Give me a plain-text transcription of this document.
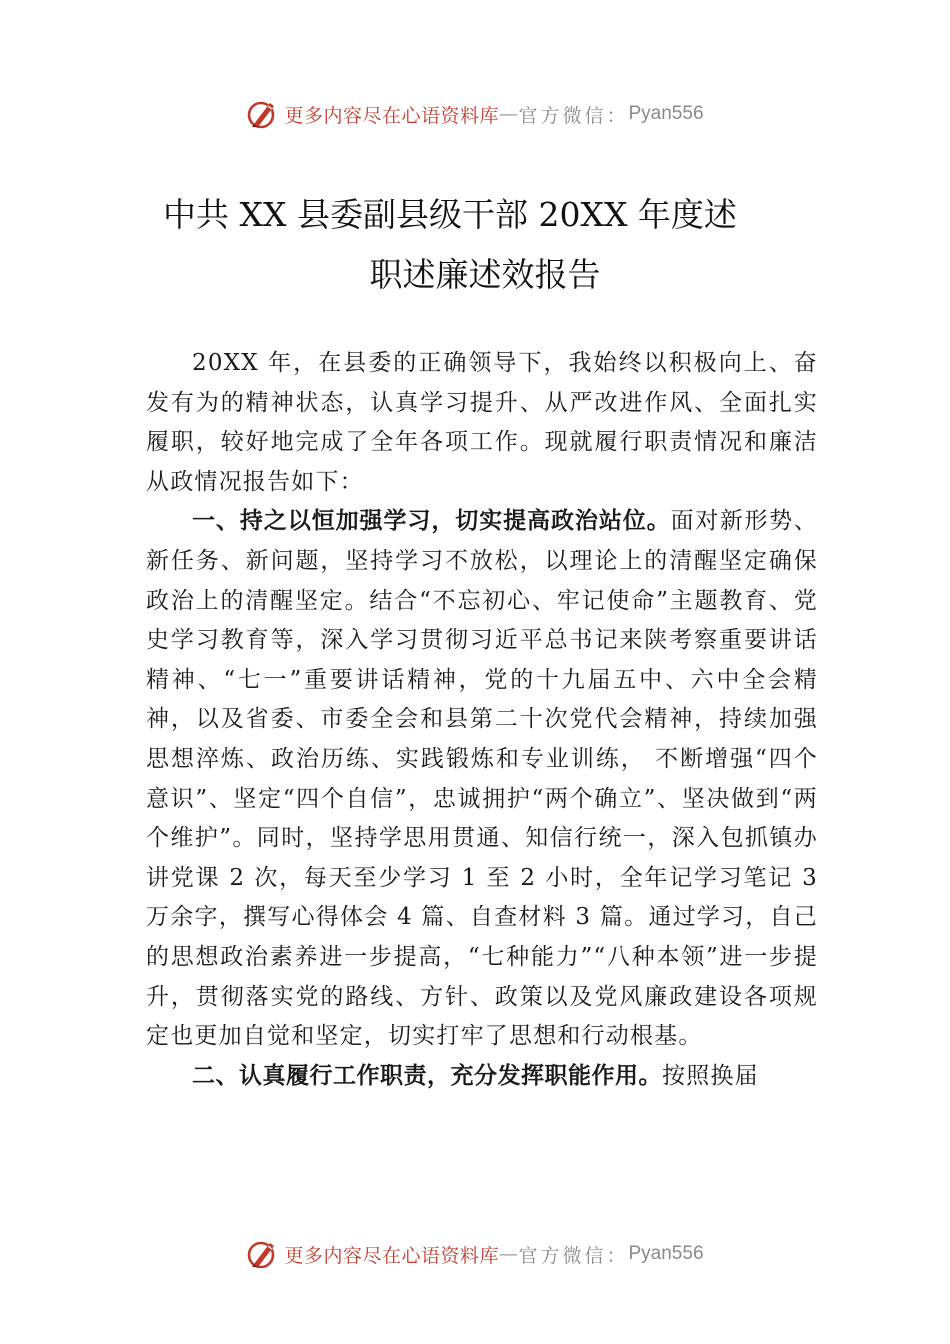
更多内容尽在心语资料库 — 官方微信： Pyan556
中共 XX 县委副县级干部 20XX 年度述
职述廉述效报告

20XX 年，在县委的正确领导下，我始终以积极向上、奋发有为的精神状态，认真学习提升、从严改进作风、全面扎实履职，较好地完成了全年各项工作。现就履行职责情况和廉洁从政情况报告如下：

一、持之以恒加强学习，切实提高政治站位。面对新形势、新任务、新问题，坚持学习不放松，以理论上的清醒坚定确保政治上的清醒坚定。结合“不忘初心、牢记使命”主题教育、党史学习教育等，深入学习贯彻习近平总书记来陕考察重要讲话精神、“七一”重要讲话精神，党的十九届五中、六中全会精神，以及省委、市委全会和县第二十次党代会精神，持续加强思想淬炼、政治历练、实践锻炼和专业训练， 不断增强“四个意识”、坚定“四个自信”，忠诚拥护“两个确立”、坚决做到“两个维护”。同时，坚持学思用贯通、知信行统一，深入包抓镇办讲党课 2 次，每天至少学习 1 至 2 小时，全年记学习笔记 3 万余字，撰写心得体会 4 篇、自查材料 3 篇。通过学习，自己的思想政治素养进一步提高，“七种能力”“八种本领”进一步提升，贯彻落实党的路线、方针、政策以及党风廉政建设各项规定也更加自觉和坚定，切实打牢了思想和行动根基。

二、认真履行工作职责，充分发挥职能作用。按照换届

更多内容尽在心语资料库 — 官方微信： Pyan556
